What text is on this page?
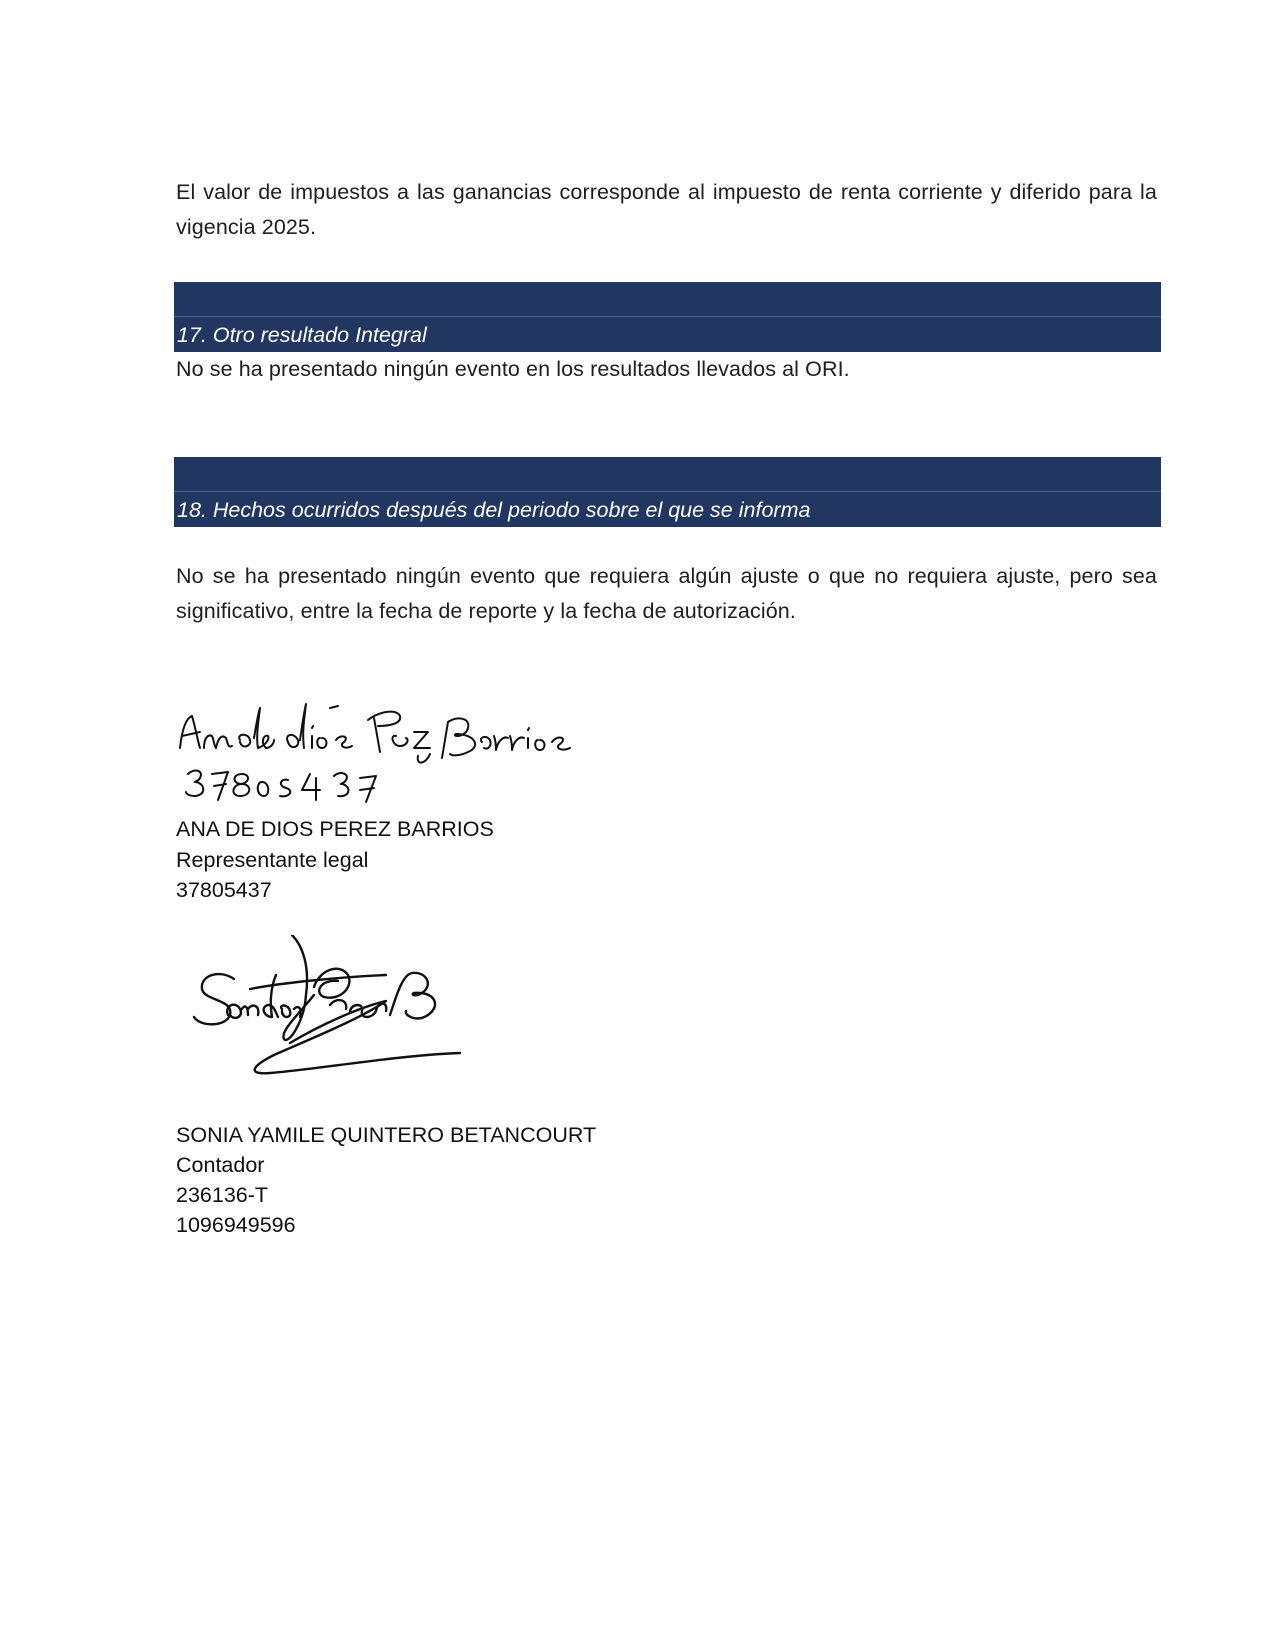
El valor de impuestos a las ganancias corresponde al impuesto de renta corriente y diferido para la vigencia 2025.

17. Otro resultado Integral

No se ha presentado ningún evento en los resultados llevados al ORI.

18. Hechos ocurridos después del periodo sobre el que se informa

No se ha presentado ningún evento que requiera algún ajuste o que no requiera ajuste, pero sea significativo, entre la fecha de reporte y la fecha de autorización.

ANA DE DIOS PEREZ BARRIOS
Representante legal
37805437
SONIA YAMILE QUINTERO BETANCOURT
Contador
236136-T
1096949596
